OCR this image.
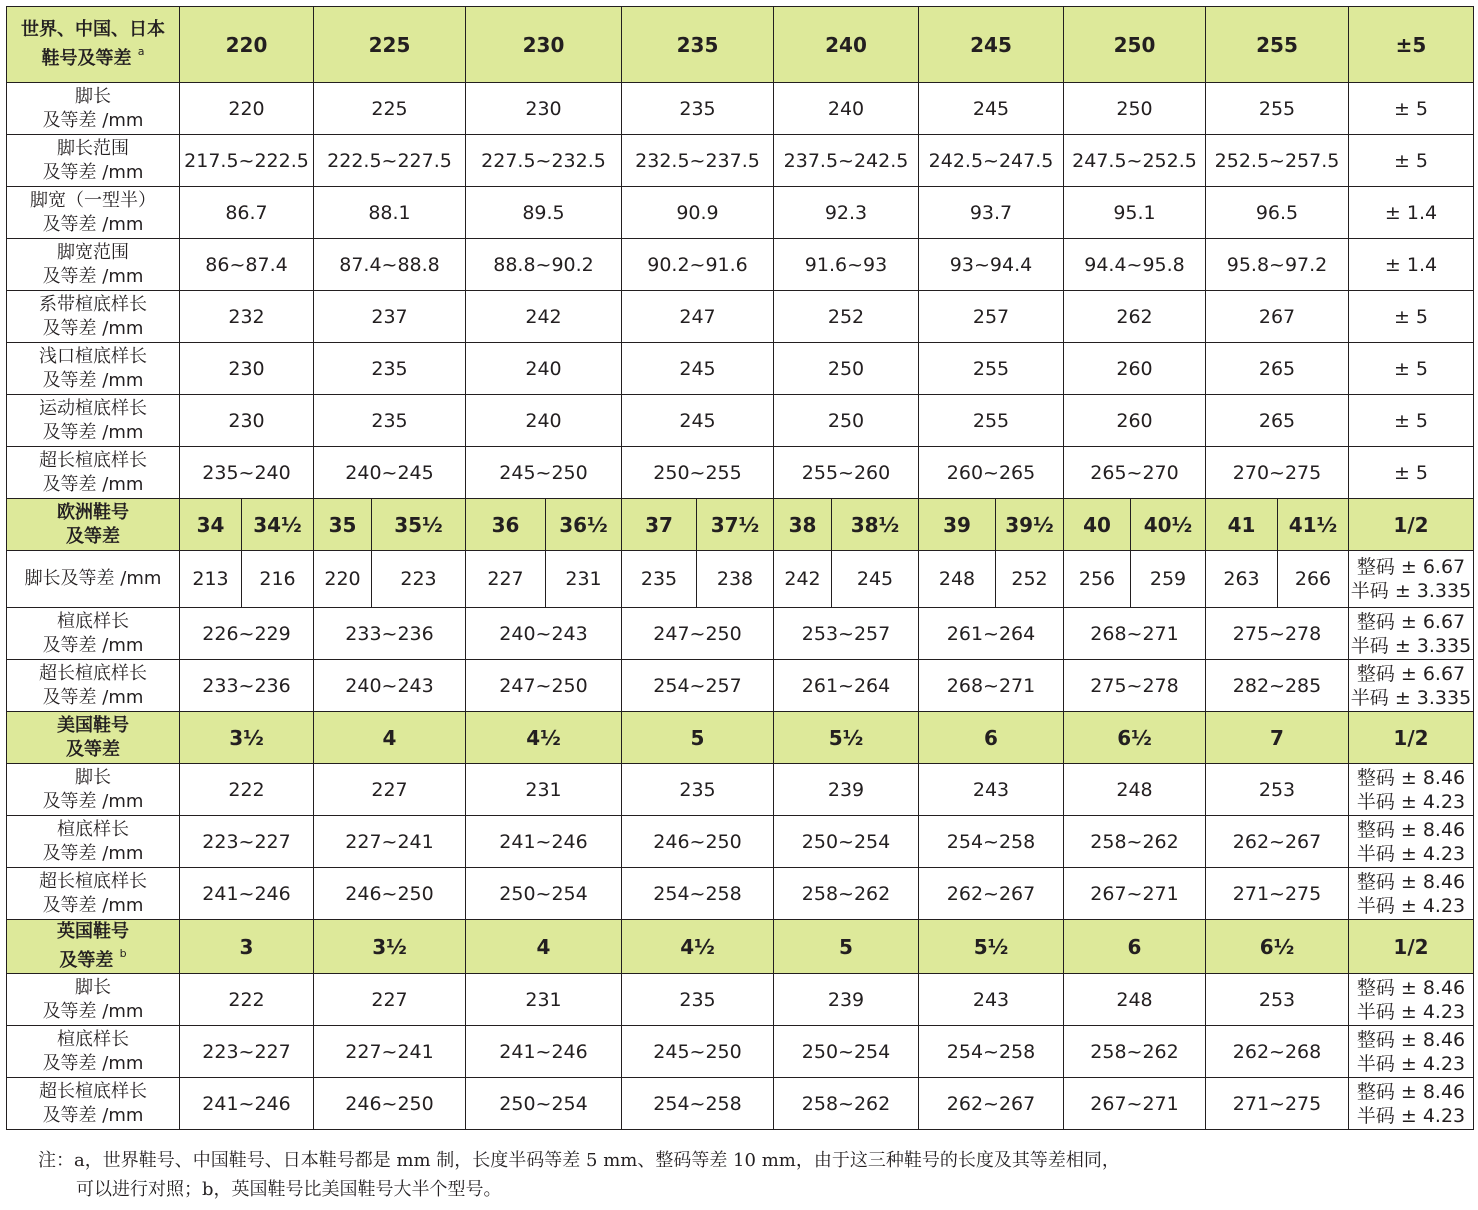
世界、中国、日本
鞋号及等差 $^a$	220		225		230		235		240		245		250		255		±5

脚长
及等差 /mm	220		225		230		235		240		245		250		255		± 5

脚长范围
及等差 /mm	217.5~222.5		222.5~227.5		227.5~232.5		232.5~237.5		237.5~242.5		242.5~247.5		247.5~252.5		252.5~257.5		± 5

脚宽（一型半）
及等差 /mm	86.7		88.1		89.5		90.9		92.3		93.7		95.1		96.5		± 1.4

脚宽范围
及等差 /mm	86~87.4		87.4~88.8		88.8~90.2		90.2~91.6		91.6~93		93~94.4		94.4~95.8		95.8~97.2		± 1.4

系带楦底样长
及等差 /mm	232		237		242		247		252		257		262		267		± 5

浅口楦底样长
及等差 /mm	230		235		240		245		250		255		260		265		± 5

运动楦底样长
及等差 /mm	230		235		240		245		250		255		260		265		± 5

超长楦底样长
及等差 /mm	235~240		240~245		245~250		250~255		255~260		260~265		265~270		270~275		± 5

欧洲鞋号
及等差	34	34½	35	35½	36	36½	37	37½	38	38½	39	39½	40	40½	41	41½	1/2

脚长及等差 /mm	213	216	220	223	227	231	235	238	242	245	248	252	256	259	263	266	整码 ± 6.67
半码 ± 3.335

楦底样长
及等差 /mm	226~229		233~236		240~243		247~250		253~257		261~264		268~271		275~278		整码 ± 6.67
半码 ± 3.335

超长楦底样长
及等差 /mm	233~236		240~243		247~250		254~257		261~264		268~271		275~278		282~285		整码 ± 6.67
半码 ± 3.335

美国鞋号
及等差	3½		4		4½		5		5½		6		6½		7		1/2

脚长
及等差 /mm	222		227		231		235		239		243		248		253		整码 ± 8.46
半码 ± 4.23

楦底样长
及等差 /mm	223~227		227~241		241~246		246~250		250~254		254~258		258~262		262~267		整码 ± 8.46
半码 ± 4.23

超长楦底样长
及等差 /mm	241~246		246~250		250~254		254~258		258~262		262~267		267~271		271~275		整码 ± 8.46
半码 ± 4.23

英国鞋号
及等差 $^b$	3		3½		4		4½		5		5½		6		6½		1/2

脚长
及等差 /mm	222		227		231		235		239		243		248		253		整码 ± 8.46
半码 ± 4.23

楦底样长
及等差 /mm	223~227		227~241		241~246		245~250		250~254		254~258		258~262		262~268		整码 ± 8.46
半码 ± 4.23

超长楦底样长
及等差 /mm	241~246		246~250		250~254		254~258		258~262		262~267		267~271		271~275		整码 ± 8.46
半码 ± 4.23
注：a，世界鞋号、中国鞋号、日本鞋号都是 mm 制，长度半码等差 5 mm、整码等差 10 mm，由于这三种鞋号的长度及其等差相同，
可以进行对照；b，英国鞋号比美国鞋号大半个型号。
